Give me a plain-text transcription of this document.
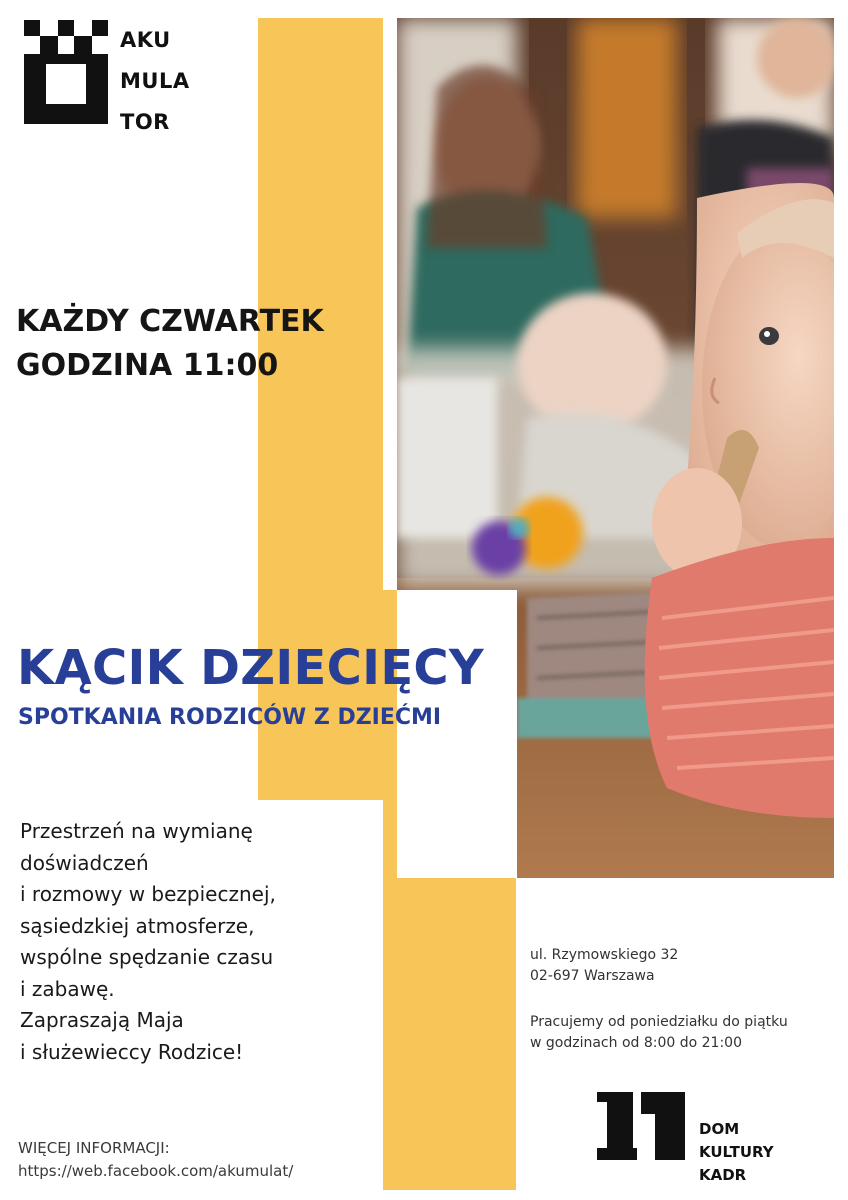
AKU
MULA
TOR
KAŻDY CZWARTEK
GODZINA 11:00
KĄCIK DZIECIĘCY
SPOTKANIA RODZICÓW Z DZIEĆMI
Przestrzeń na wymianę
doświadczeń
i rozmowy w bezpiecznej,
sąsiedzkiej atmosferze,
wspólne spędzanie czasu
i zabawę.
Zapraszają Maja
i służewieccy Rodzice!
WIĘCEJ INFORMACJI:
https://web.facebook.com/akumulat/
ul. Rzymowskiego 32
02-697 Warszawa
Pracujemy od poniedziałku do piątku
w godzinach od 8:00 do 21:00
DOM
KULTURY
KADR
